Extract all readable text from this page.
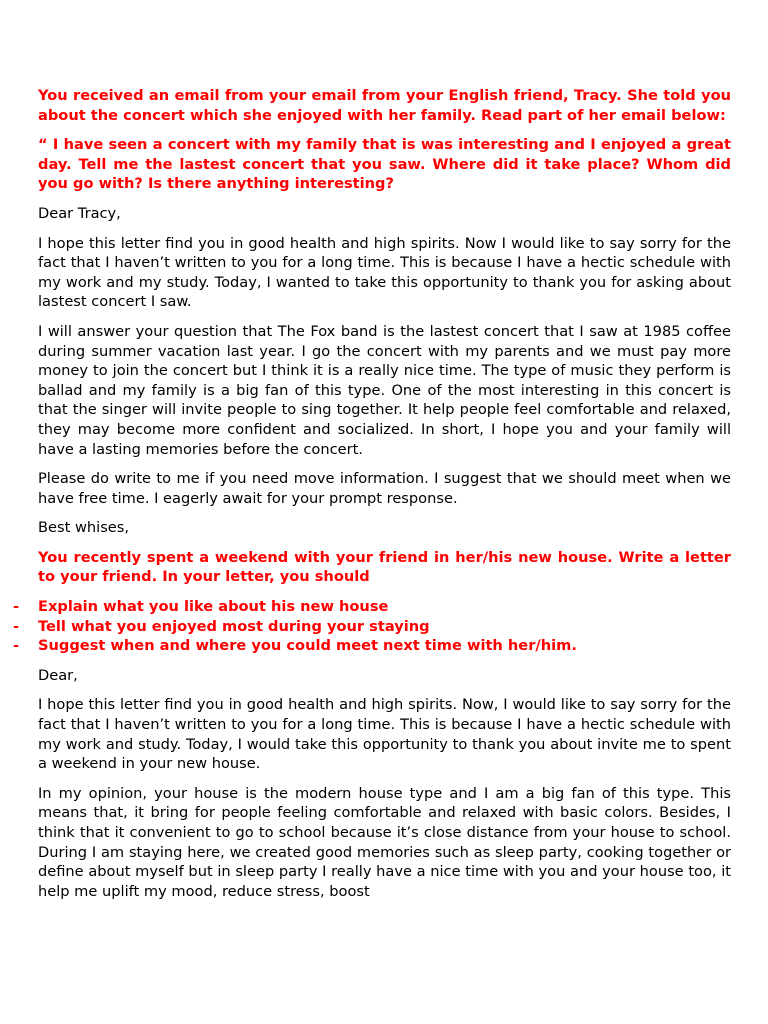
You received an email from your email from your English friend, Tracy. She told you about the concert which she enjoyed with her family. Read part of her email below:

“ I have seen a concert with my family that is was interesting and I enjoyed a great day. Tell me the lastest concert that you saw. Where did it take place? Whom did you go with? Is there anything interesting?

Dear Tracy,

I hope this letter find you in good health and high spirits. Now I would like to say sorry for the fact that I haven’t written to you for a long time. This is because I have a hectic schedule with my work and my study. Today, I wanted to take this opportunity to thank you for asking about lastest concert I saw.

I will answer your question that The Fox band is the lastest concert that I saw at 1985 coffee during summer vacation last year. I go the concert with my parents and we must pay more money to join the concert but I think it is a really nice time. The type of music they perform is ballad and my family is a big fan of this type. One of the most interesting in this concert is that the singer will invite people to sing together. It help people feel comfortable and relaxed, they may become more confident and socialized. In short, I hope you and your family will have a lasting memories before the concert.

Please do write to me if you need move information. I suggest that we should meet when we have free time. I eagerly await for your prompt response.

Best whises,

You recently spent a weekend with your friend in her/his new house. Write a letter to your friend. In your letter, you should

- Explain what you like about his new house
- Tell what you enjoyed most during your staying
- Suggest when and where you could meet next time with her/him.

Dear,

I hope this letter find you in good health and high spirits. Now, I would like to say sorry for the fact that I haven’t written to you for a long time. This is because I have a hectic schedule with my work and study. Today, I would take this opportunity to thank you about invite me to spent a weekend in your new house.

In my opinion, your house is the modern house type and I am a big fan of this type. This means that, it bring for people feeling comfortable and relaxed with basic colors. Besides, I think that it convenient to go to school because it’s close distance from your house to school. During I am staying here, we created good memories such as sleep party, cooking together or define about myself but in sleep party I really have a nice time with you and your house too, it help me uplift my mood, reduce stress, boost
